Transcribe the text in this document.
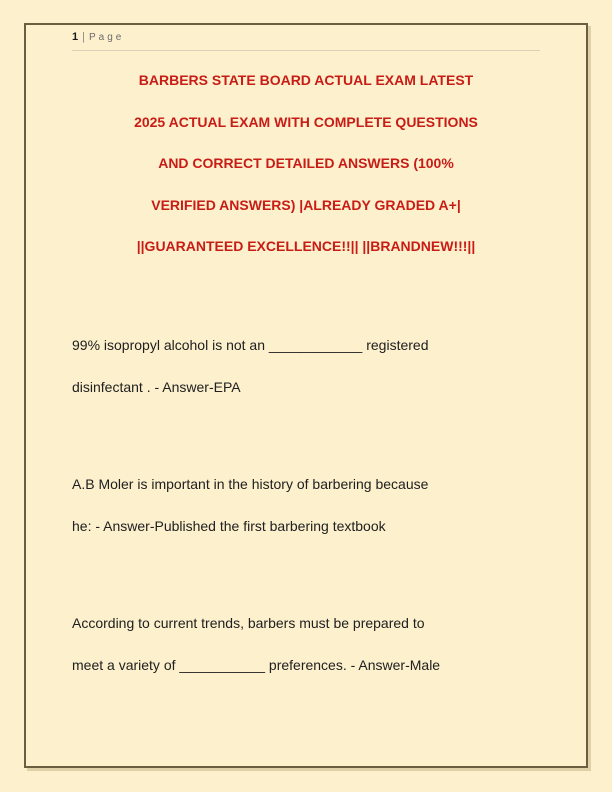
1 | Page
BARBERS STATE BOARD ACTUAL EXAM LATEST
2025 ACTUAL EXAM WITH COMPLETE QUESTIONS
AND CORRECT DETAILED ANSWERS (100%
VERIFIED ANSWERS) |ALREADY GRADED A+|
||GUARANTEED EXCELLENCE!!|| ||BRANDNEW!!!||
99% isopropyl alcohol is not an ____________ registered
disinfectant . - Answer-EPA
A.B Moler is important in the history of barbering because
he: - Answer-Published the first barbering textbook
According to current trends, barbers must be prepared to
meet a variety of ___________ preferences. - Answer-Male
